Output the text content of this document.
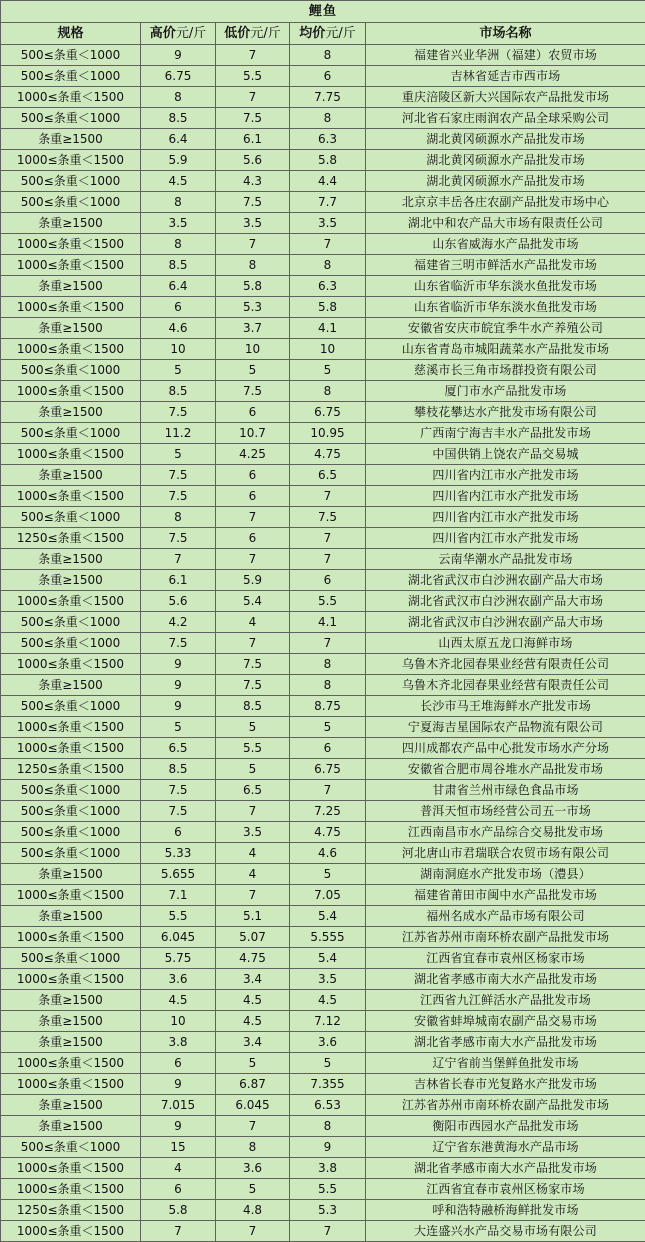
鲤鱼				
规格	高价元/斤	低价元/斤	均价元/斤	市场名称
500≤条重＜1000	9	7	8	福建省兴业华洲（福建）农贸市场
500≤条重＜1000	6.75	5.5	6	吉林省延吉市西市场
1000≤条重＜1500	8	7	7.75	重庆涪陵区新大兴国际农产品批发市场
500≤条重＜1000	8.5	7.5	8	河北省石家庄雨润农产品全球采购公司
条重≥1500	6.4	6.1	6.3	湖北黄冈硕源水产品批发市场
1000≤条重＜1500	5.9	5.6	5.8	湖北黄冈硕源水产品批发市场
500≤条重＜1000	4.5	4.3	4.4	湖北黄冈硕源水产品批发市场
500≤条重＜1000	8	7.5	7.7	北京京丰岳各庄农副产品批发市场中心
条重≥1500	3.5	3.5	3.5	湖北中和农产品大市场有限责任公司
1000≤条重＜1500	8	7	7	山东省威海水产品批发市场
1000≤条重＜1500	8.5	8	8	福建省三明市鲜活水产品批发市场
条重≥1500	6.4	5.8	6.3	山东省临沂市华东淡水鱼批发市场
1000≤条重＜1500	6	5.3	5.8	山东省临沂市华东淡水鱼批发市场
条重≥1500	4.6	3.7	4.1	安徽省安庆市皖宜季牛水产养殖公司
1000≤条重＜1500	10	10	10	山东省青岛市城阳蔬菜水产品批发市场
500≤条重＜1000	5	5	5	慈溪市长三角市场群投资有限公司
1000≤条重＜1500	8.5	7.5	8	厦门市水产品批发市场
条重≥1500	7.5	6	6.75	攀枝花攀达水产批发市场有限公司
500≤条重＜1000	11.2	10.7	10.95	广西南宁海吉丰水产品批发市场
1000≤条重＜1500	5	4.25	4.75	中国供销上饶农产品交易城
条重≥1500	7.5	6	6.5	四川省内江市水产批发市场
1000≤条重＜1500	7.5	6	7	四川省内江市水产批发市场
500≤条重＜1000	8	7	7.5	四川省内江市水产批发市场
1250≤条重＜1500	7.5	6	7	四川省内江市水产批发市场
条重≥1500	7	7	7	云南华潮水产品批发市场
条重≥1500	6.1	5.9	6	湖北省武汉市白沙洲农副产品大市场
1000≤条重＜1500	5.6	5.4	5.5	湖北省武汉市白沙洲农副产品大市场
500≤条重＜1000	4.2	4	4.1	湖北省武汉市白沙洲农副产品大市场
500≤条重＜1000	7.5	7	7	山西太原五龙口海鲜市场
1000≤条重＜1500	9	7.5	8	乌鲁木齐北园春果业经营有限责任公司
条重≥1500	9	7.5	8	乌鲁木齐北园春果业经营有限责任公司
500≤条重＜1000	9	8.5	8.75	长沙市马王堆海鲜水产批发市场
1000≤条重＜1500	5	5	5	宁夏海吉星国际农产品物流有限公司
1000≤条重＜1500	6.5	5.5	6	四川成都农产品中心批发市场水产分场
1250≤条重＜1500	8.5	5	6.75	安徽省合肥市周谷堆水产品批发市场
500≤条重＜1000	7.5	6.5	7	甘肃省兰州市绿色食品市场
500≤条重＜1000	7.5	7	7.25	普洱天恒市场经营公司五一市场
500≤条重＜1000	6	3.5	4.75	江西南昌市水产品综合交易批发市场
500≤条重＜1000	5.33	4	4.6	河北唐山市君瑞联合农贸市场有限公司
条重≥1500	5.655	4	5	湖南洞庭水产批发市场（澧县）
1000≤条重＜1500	7.1	7	7.05	福建省莆田市闽中水产品批发市场
条重≥1500	5.5	5.1	5.4	福州名成水产品市场有限公司
1000≤条重＜1500	6.045	5.07	5.555	江苏省苏州市南环桥农副产品批发市场
500≤条重＜1000	5.75	4.75	5.4	江西省宜春市袁州区杨家市场
1000≤条重＜1500	3.6	3.4	3.5	湖北省孝感市南大水产品批发市场
条重≥1500	4.5	4.5	4.5	江西省九江鲜活水产品批发市场
条重≥1500	10	4.5	7.12	安徽省蚌埠城南农副产品交易市场
条重≥1500	3.8	3.4	3.6	湖北省孝感市南大水产品批发市场
1000≤条重＜1500	6	5	5	辽宁省前当堡鲜鱼批发市场
1000≤条重＜1500	9	6.87	7.355	吉林省长春市光复路水产批发市场
条重≥1500	7.015	6.045	6.53	江苏省苏州市南环桥农副产品批发市场
条重≥1500	9	7	8	衡阳市西园水产品批发市场
500≤条重＜1000	15	8	9	辽宁省东港黄海水产品市场
1000≤条重＜1500	4	3.6	3.8	湖北省孝感市南大水产品批发市场
1000≤条重＜1500	6	5	5.5	江西省宜春市袁州区杨家市场
1250≤条重＜1500	5.8	4.8	5.3	呼和浩特融桥海鲜批发市场
1000≤条重＜1500	7	7	7	大连盛兴水产品交易市场有限公司
